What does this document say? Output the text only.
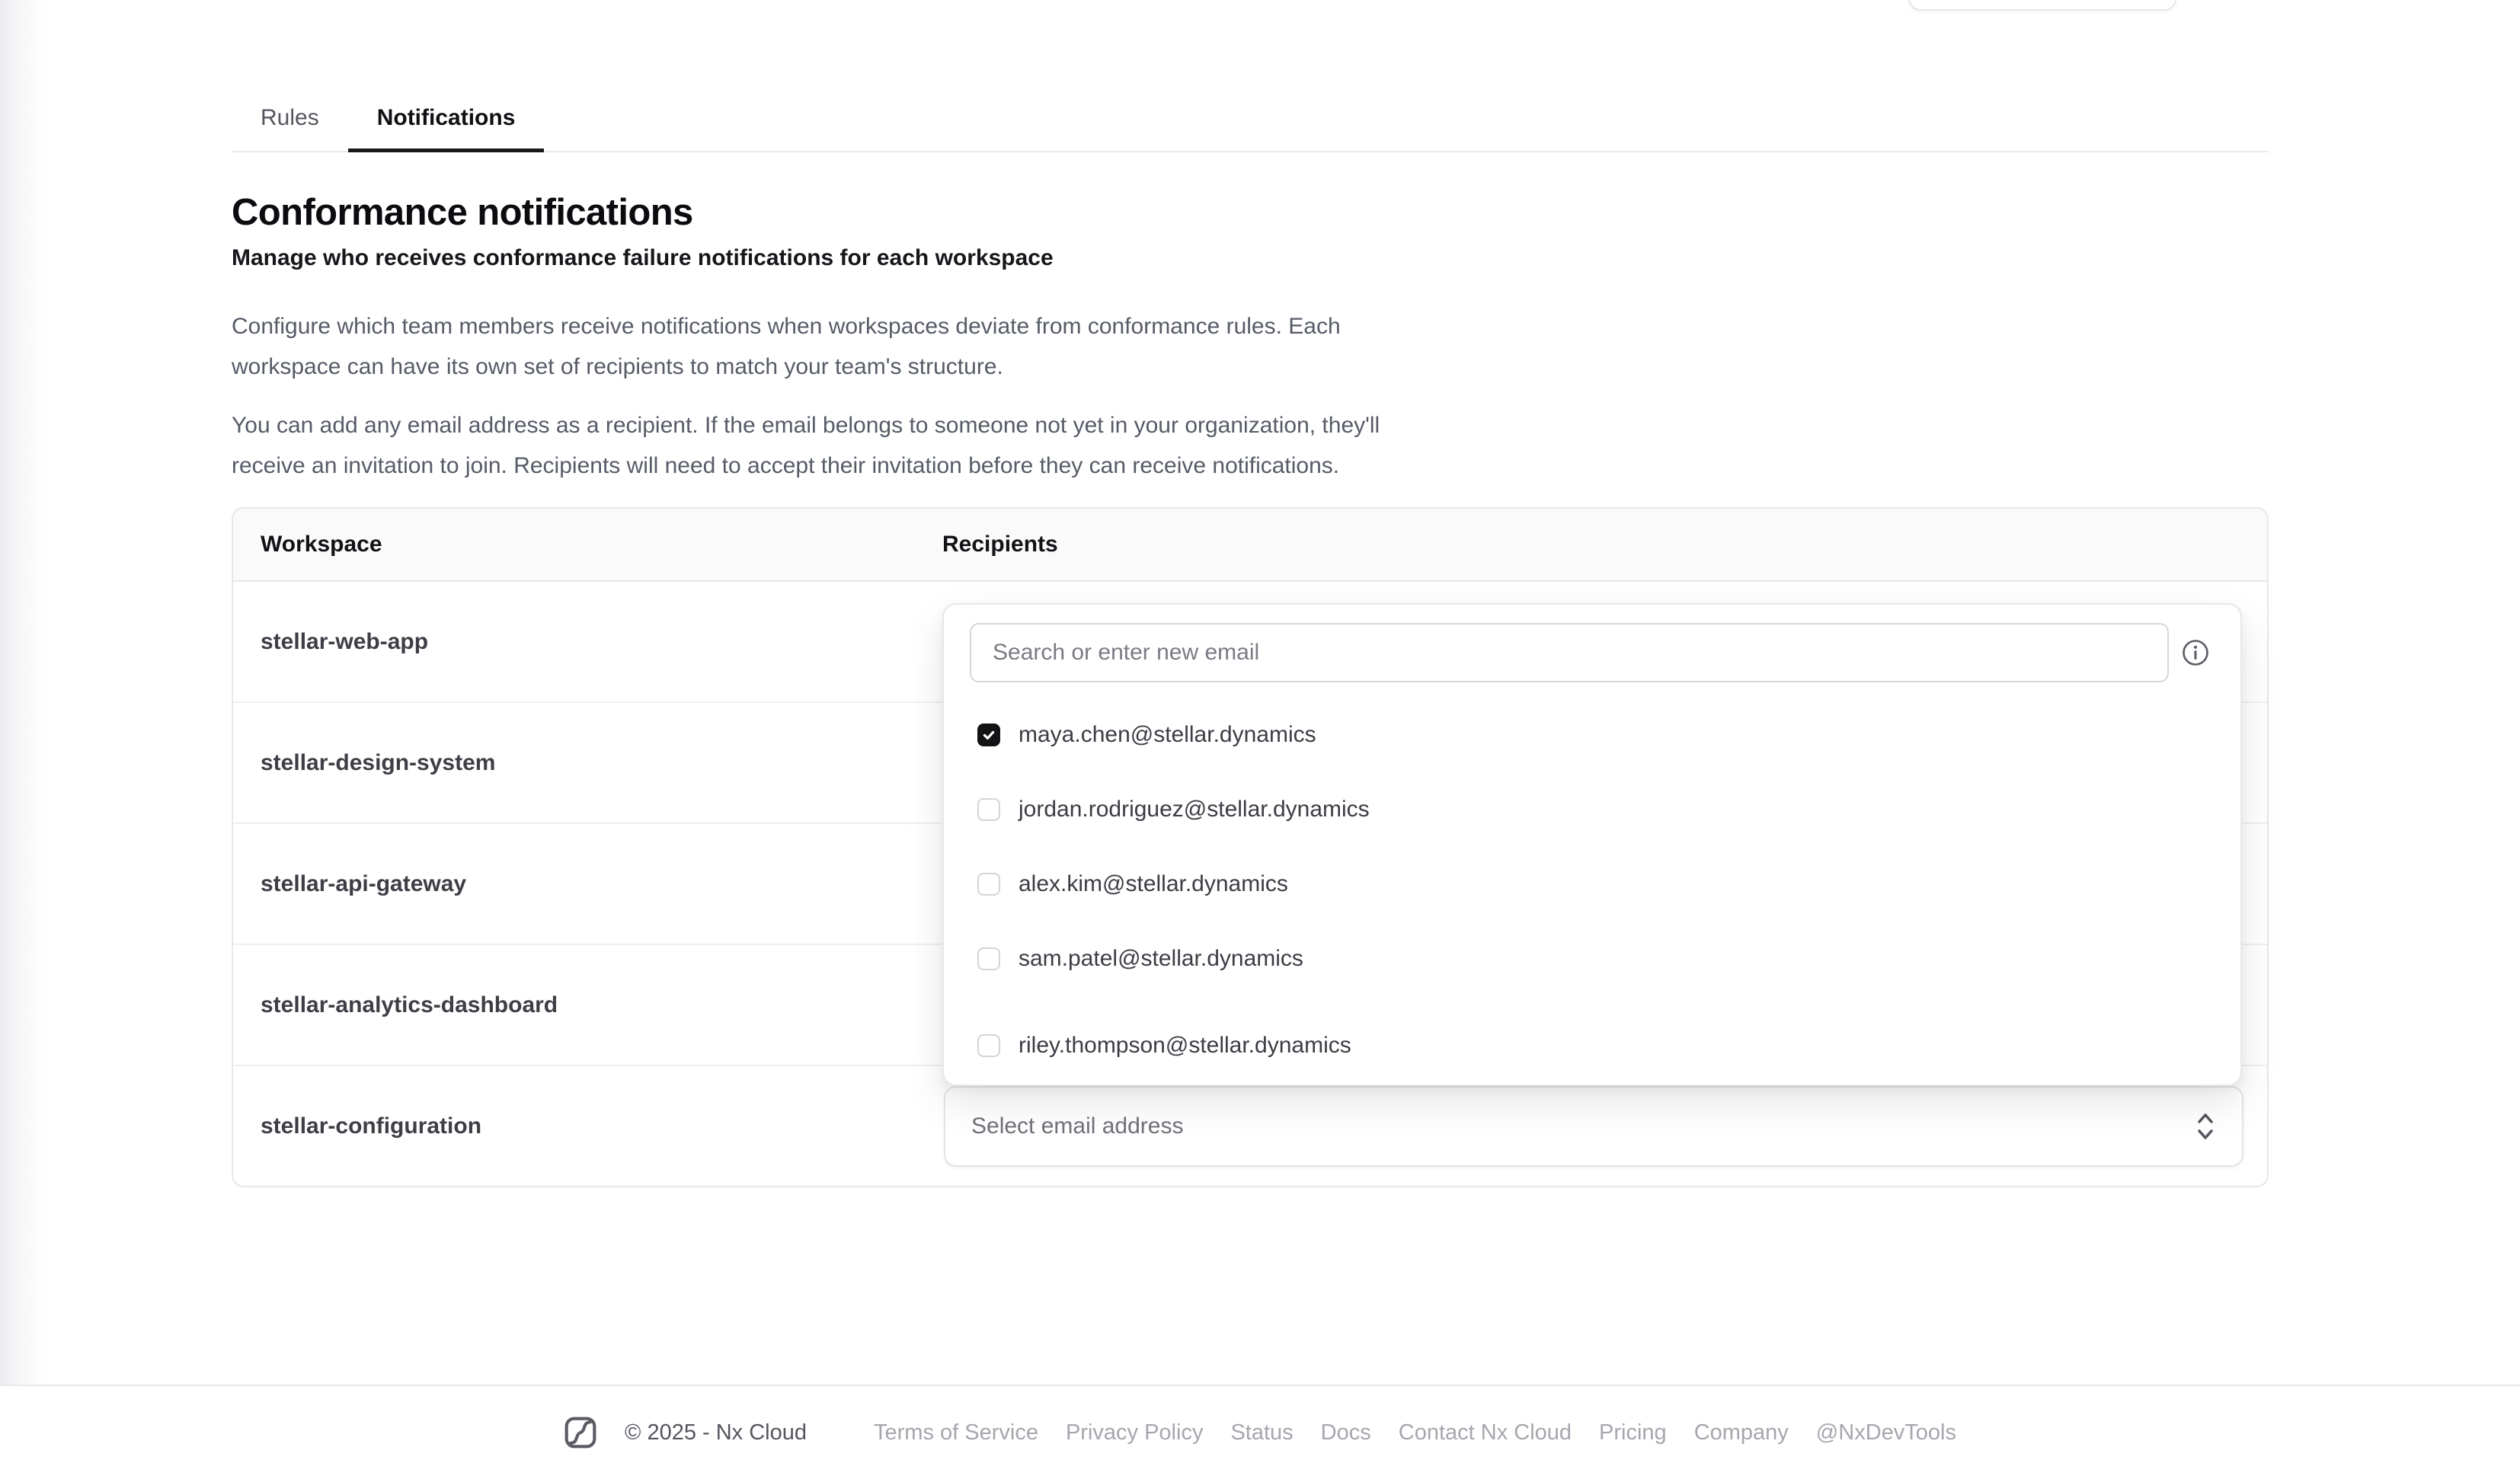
Rules	Notifications
Conformance notifications
Manage who receives conformance failure notifications for each workspace

Configure which team members receive notifications when workspaces deviate from conformance rules. Each
workspace can have its own set of recipients to match your team's structure.

You can add any email address as a recipient. If the email belongs to someone not yet in your organization, they'll
receive an invitation to join. Recipients will need to accept their invitation before they can receive notifications.

Workspace	Recipients
stellar-web-app
stellar-design-system
stellar-api-gateway
stellar-analytics-dashboard
stellar-configuration	Select email address
Search or enter new email
maya.chen@stellar.dynamics
jordan.rodriguez@stellar.dynamics
alex.kim@stellar.dynamics
sam.patel@stellar.dynamics
riley.thompson@stellar.dynamics
© 2025 - Nx Cloud	Terms of Service Privacy Policy Status Docs Contact Nx Cloud Pricing Company @NxDevTools
